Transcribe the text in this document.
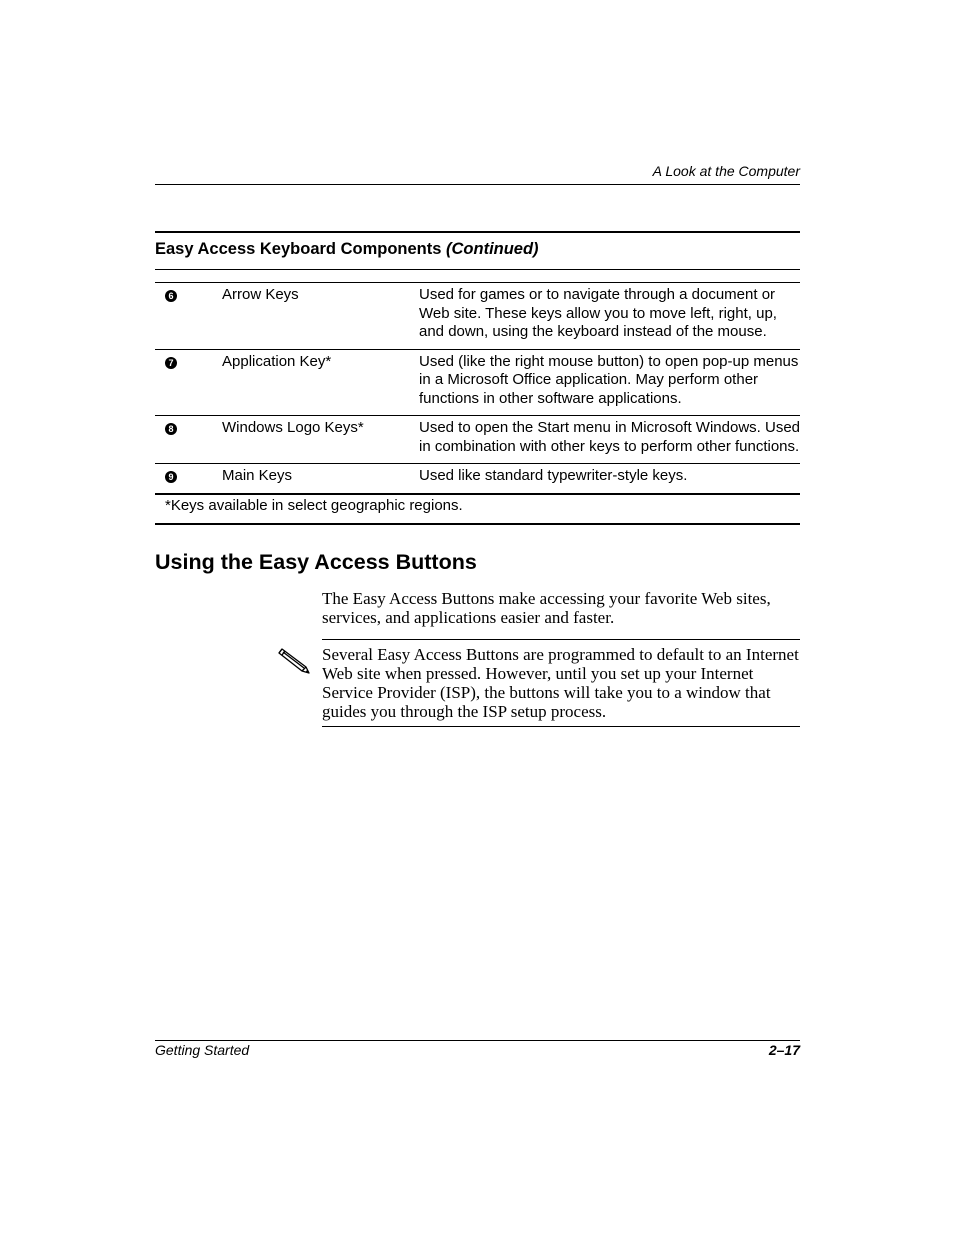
A Look at the Computer
Easy Access Keyboard Components (Continued)
6	Arrow Keys	Used for games or to navigate through a document or Web site. These keys allow you to move left, right, up, and down, using the keyboard instead of the mouse.
7	Application Key*	Used (like the right mouse button) to open pop-up menus in a Microsoft Office application. May perform other functions in other software applications.
8	Windows Logo Keys*	Used to open the Start menu in Microsoft Windows. Used in combination with other keys to perform other functions.
9	Main Keys	Used like standard typewriter-style keys.
*Keys available in select geographic regions.		
Using the Easy Access Buttons
The Easy Access Buttons make accessing your favorite Web sites, services, and applications easier and faster.
Several Easy Access Buttons are programmed to default to an Internet Web site when pressed. However, until you set up your Internet Service Provider (ISP), the buttons will take you to a window that guides you through the ISP setup process.
Getting Started	2–17
